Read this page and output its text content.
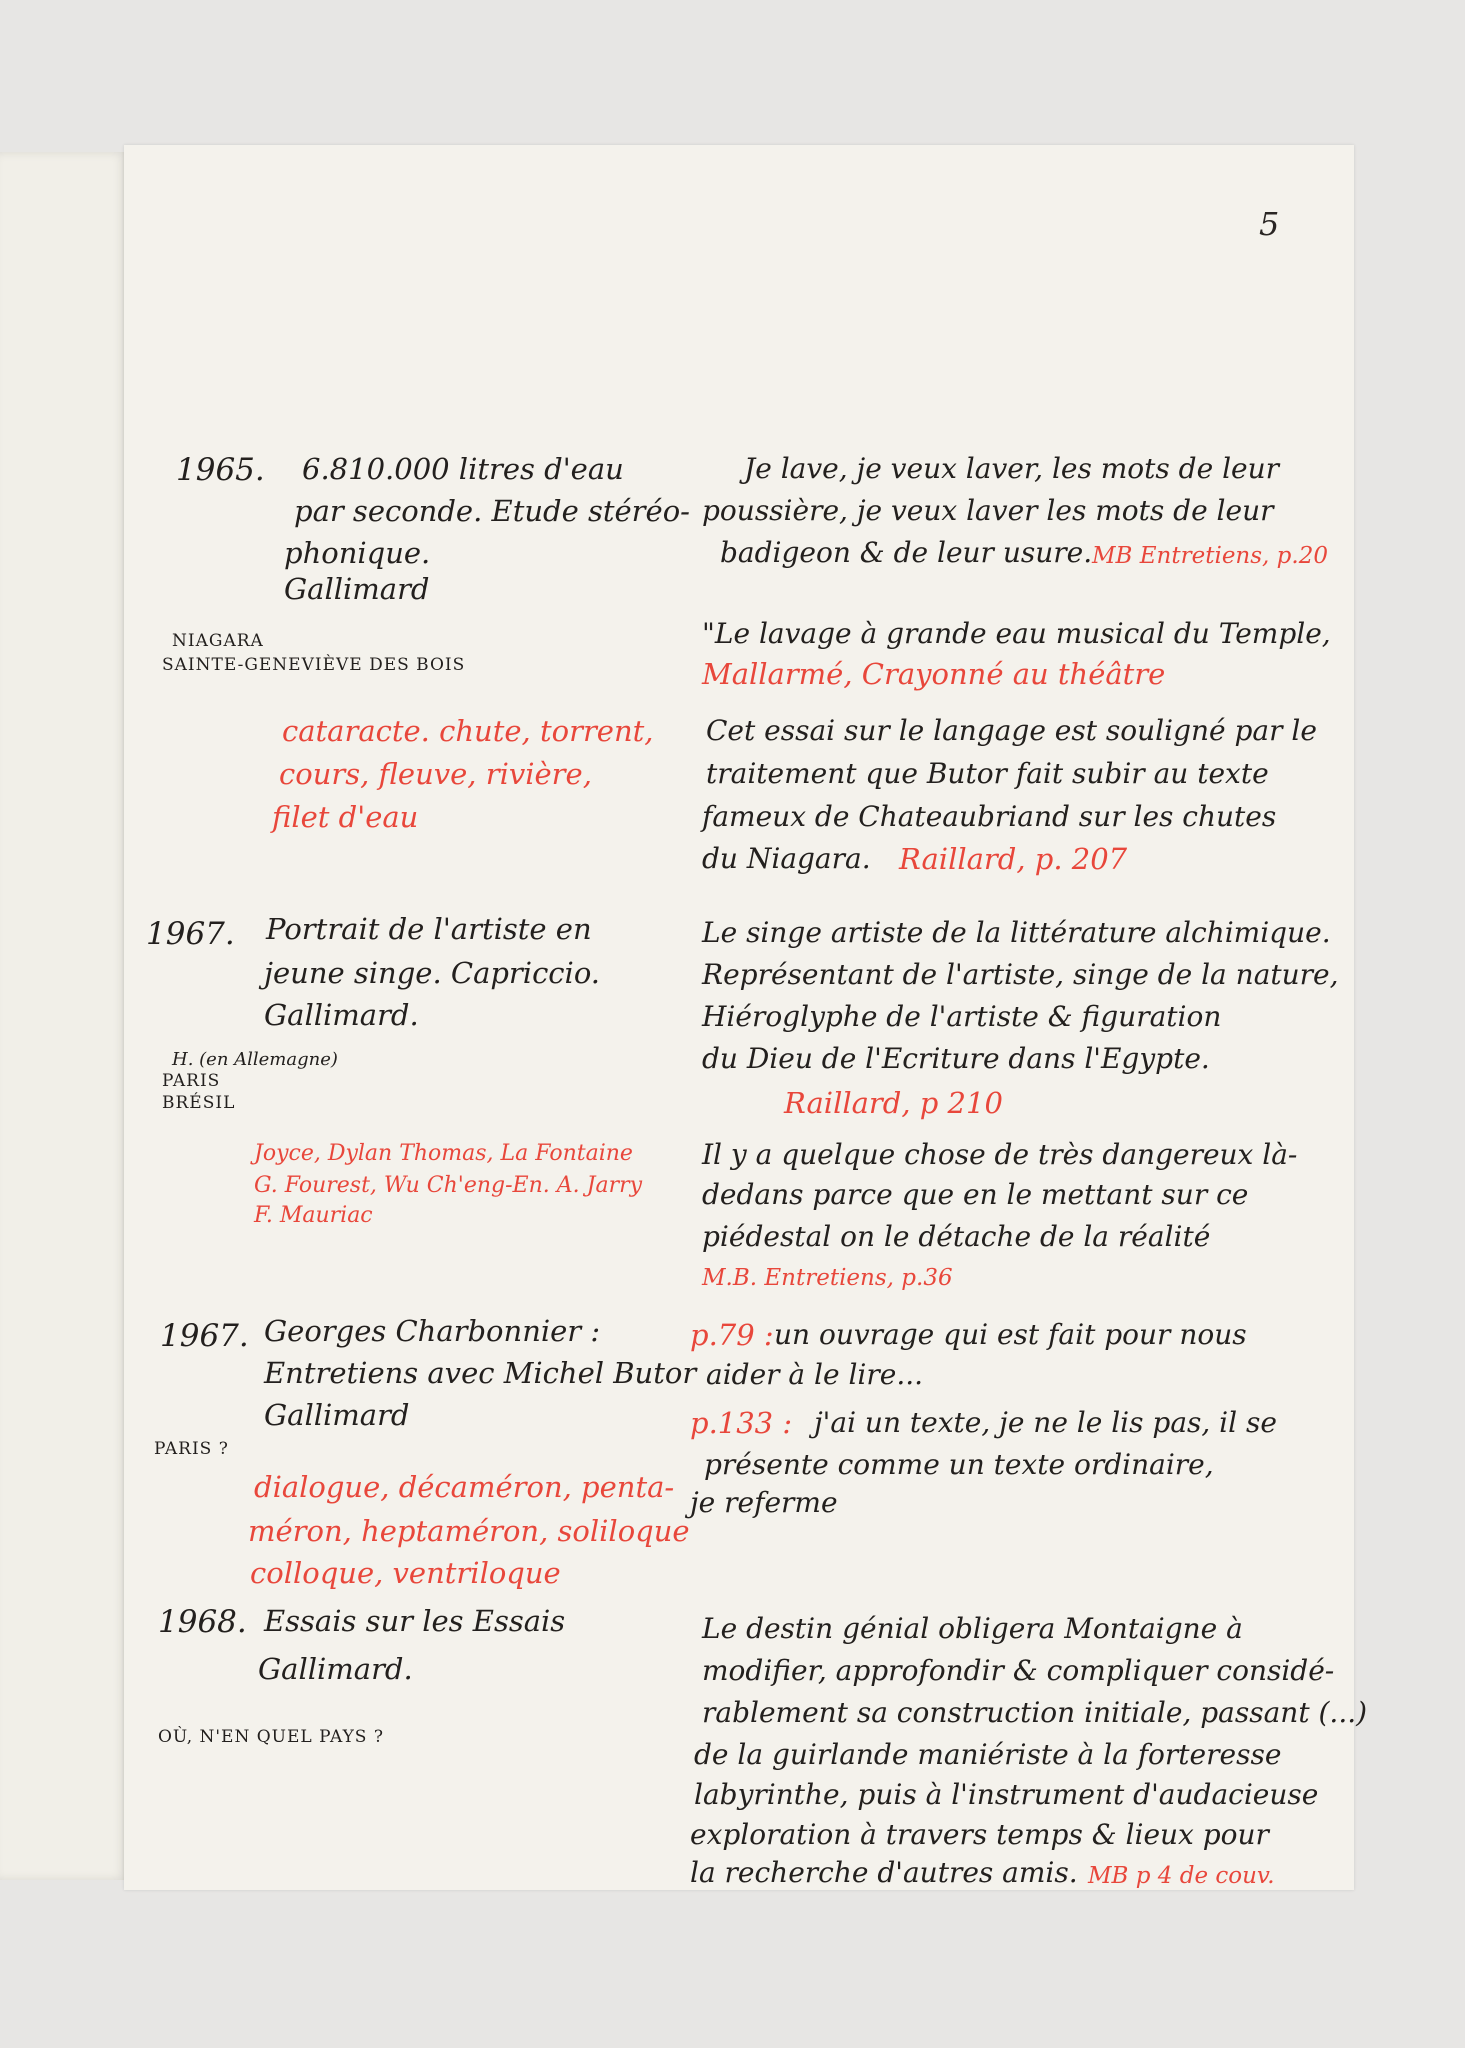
5
1965. 6.810.000 litres d'eau
par seconde. Etude stéréo-
phonique.
Gallimard
NIAGARA
SAINTE-GENEVIÈVE DES BOIS
cataracte. chute, torrent,
cours, fleuve, rivière,
filet d'eau
Je lave, je veux laver, les mots de leur
poussière, je veux laver les mots de leur
badigeon & de leur usure. MB Entretiens, p.20
"Le lavage à grande eau musical du Temple,
Mallarmé, Crayonné au théâtre
Cet essai sur le langage est souligné par le
traitement que Butor fait subir au texte
fameux de Chateaubriand sur les chutes
du Niagara. Raillard, p. 207
1967. Portrait de l'artiste en
jeune singe. Capriccio.
Gallimard.
H. (en Allemagne)
PARIS
BRÉSIL
Joyce, Dylan Thomas, La Fontaine
G. Fourest, Wu Ch'eng-En. A. Jarry
F. Mauriac
Le singe artiste de la littérature alchimique.
Représentant de l'artiste, singe de la nature,
Hiéroglyphe de l'artiste & figuration
du Dieu de l'Ecriture dans l'Egypte.
Raillard, p 210
Il y a quelque chose de très dangereux là-
dedans parce que en le mettant sur ce
piédestal on le détache de la réalité
M.B. Entretiens, p.36
1967. Georges Charbonnier :
Entretiens avec Michel Butor
Gallimard
PARIS ?
dialogue, décaméron, penta-
méron, heptaméron, soliloque
colloque, ventriloque
p.79 : un ouvrage qui est fait pour nous
aider à le lire...
p.133 : j'ai un texte, je ne le lis pas, il se
présente comme un texte ordinaire,
je referme
1968. Essais sur les Essais
Gallimard.
OÙ, N'EN QUEL PAYS ?
Le destin génial obligera Montaigne à
modifier, approfondir & compliquer considé-
rablement sa construction initiale, passant (...)
de la guirlande maniériste à la forteresse
labyrinthe, puis à l'instrument d'audacieuse
exploration à travers temps & lieux pour
la recherche d'autres amis. MB p 4 de couv.
